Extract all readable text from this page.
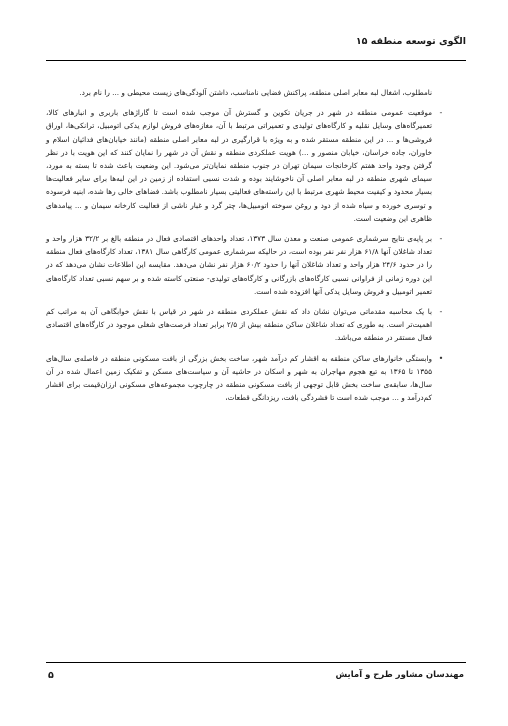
الگوی توسعه منطقه ۱۵

نامطلوب، اشغال لبه معابر اصلی منطقه، پراکنش فضایی نامناسب، داشتن آلودگی‌های زیست محیطی و ... را نام برد.

-
موقعیت عمومی منطقه در شهر در جریان تکوین و گسترش آن موجب شده است تا گاراژهای باربری و انبارهای کالا، تعمیرگاه‌های وسایل نقلیه و کارگاه‌های تولیدی و تعمیراتی مرتبط با آن، مغازه‌های فروش لوازم یدکی اتومبیل، ترانکی‌ها، اوراق فروشی‌ها و ... در این منطقه مستقر شده و به ویژه با قرارگیری در لبه معابر اصلی منطقه (مانند خیابان‌های فدائیان اسلام و خاوران، جاده خراسان، خیابان منصور و ...) هویت عملکردی منطقه و نقش آن در شهر را نمایان کنند که این هویت با در نظر گرفتن وجود واحد هفتم کارخانجات سیمان تهران در جنوب منطقه نمایان‌تر می‌شود. این وضعیت باعث شده تا بسته به مورد، سیمای شهری منطقه در لبه معابر اصلی آن ناخوشایند بوده و شدت نسبی استفاده از زمین در این لبه‌ها برای سایر فعالیت‌ها بسیار محدود و کیفیت محیط شهری مرتبط با این راسته‌های فعالیتی بسیار نامطلوب باشد. فضاهای خالی رها شده، ابنیه فرسوده و توسری خورده و سیاه شده از دود و روغن سوخته اتومبیل‌ها، چتر گرد و غبار ناشی از فعالیت کارخانه سیمان و ... پیامدهای ظاهری این وضعیت است.
-
بر پایه‌ی نتایج سرشماری عمومی صنعت و معدن سال ۱۳۷۳، تعداد واحدهای اقتصادی فعال در منطقه بالغ بر ۳۲/۲ هزار واحد و تعداد شاغلان آنها ۶۱/۸ هزار نفر نفر بوده است، در حالیکه سرشماری عمومی کارگاهی سال ۱۳۸۱، تعداد کارگاه‌های فعال منطقه را در حدود ۲۴/۶ هزار واحد و تعداد شاغلان آنها را حدود ۶۰/۲ هزار نفر نشان می‌دهد. مقایسه این اطلاعات نشان می‌دهد که در این دوره زمانی از فراوانی نسبی کارگاه‌های بازرگانی و کارگاه‌های تولیدی- صنعتی کاسته شده و بر سهم نسبی تعداد کارگاه‌های تعمیر اتومبیل و فروش وسایل یدکی آنها افزوده شده است.
-
با یک محاسبه مقدماتی می‌توان نشان داد که نقش عملکردی منطقه در شهر در قیاس با نقش خوابگاهی آن به مراتب کم اهمیت‌تر است. به طوری که تعداد شاغلان ساکن منطقه بیش از ۲/۵ برابر تعداد فرصت‌های شغلی موجود در کارگاه‌های اقتصادی فعال مستقر در منطقه می‌باشد.
•
وابستگی خانوارهای ساکن منطقه به اقشار کم درآمد شهر، ساخت بخش بزرگی از بافت مسکونی منطقه در فاصله‌ی سال‌های ۱۳۵۵ تا ۱۳۶۵ به تبع هجوم مهاجران به شهر و اسکان در حاشیه آن و سیاست‌های مسکن و تفکیک زمین اعمال شده در آن سال‌ها، سابقه‌ی ساخت بخش قابل توجهی از بافت مسکونی منطقه در چارچوب مجموعه‌های مسکونی ارزان‌قیمت برای اقشار کم‌درآمد و ... موجب شده است تا فشردگی بافت، ریزدانگی قطعات،
مهندسان مشاور طرح و آمایش
۵
